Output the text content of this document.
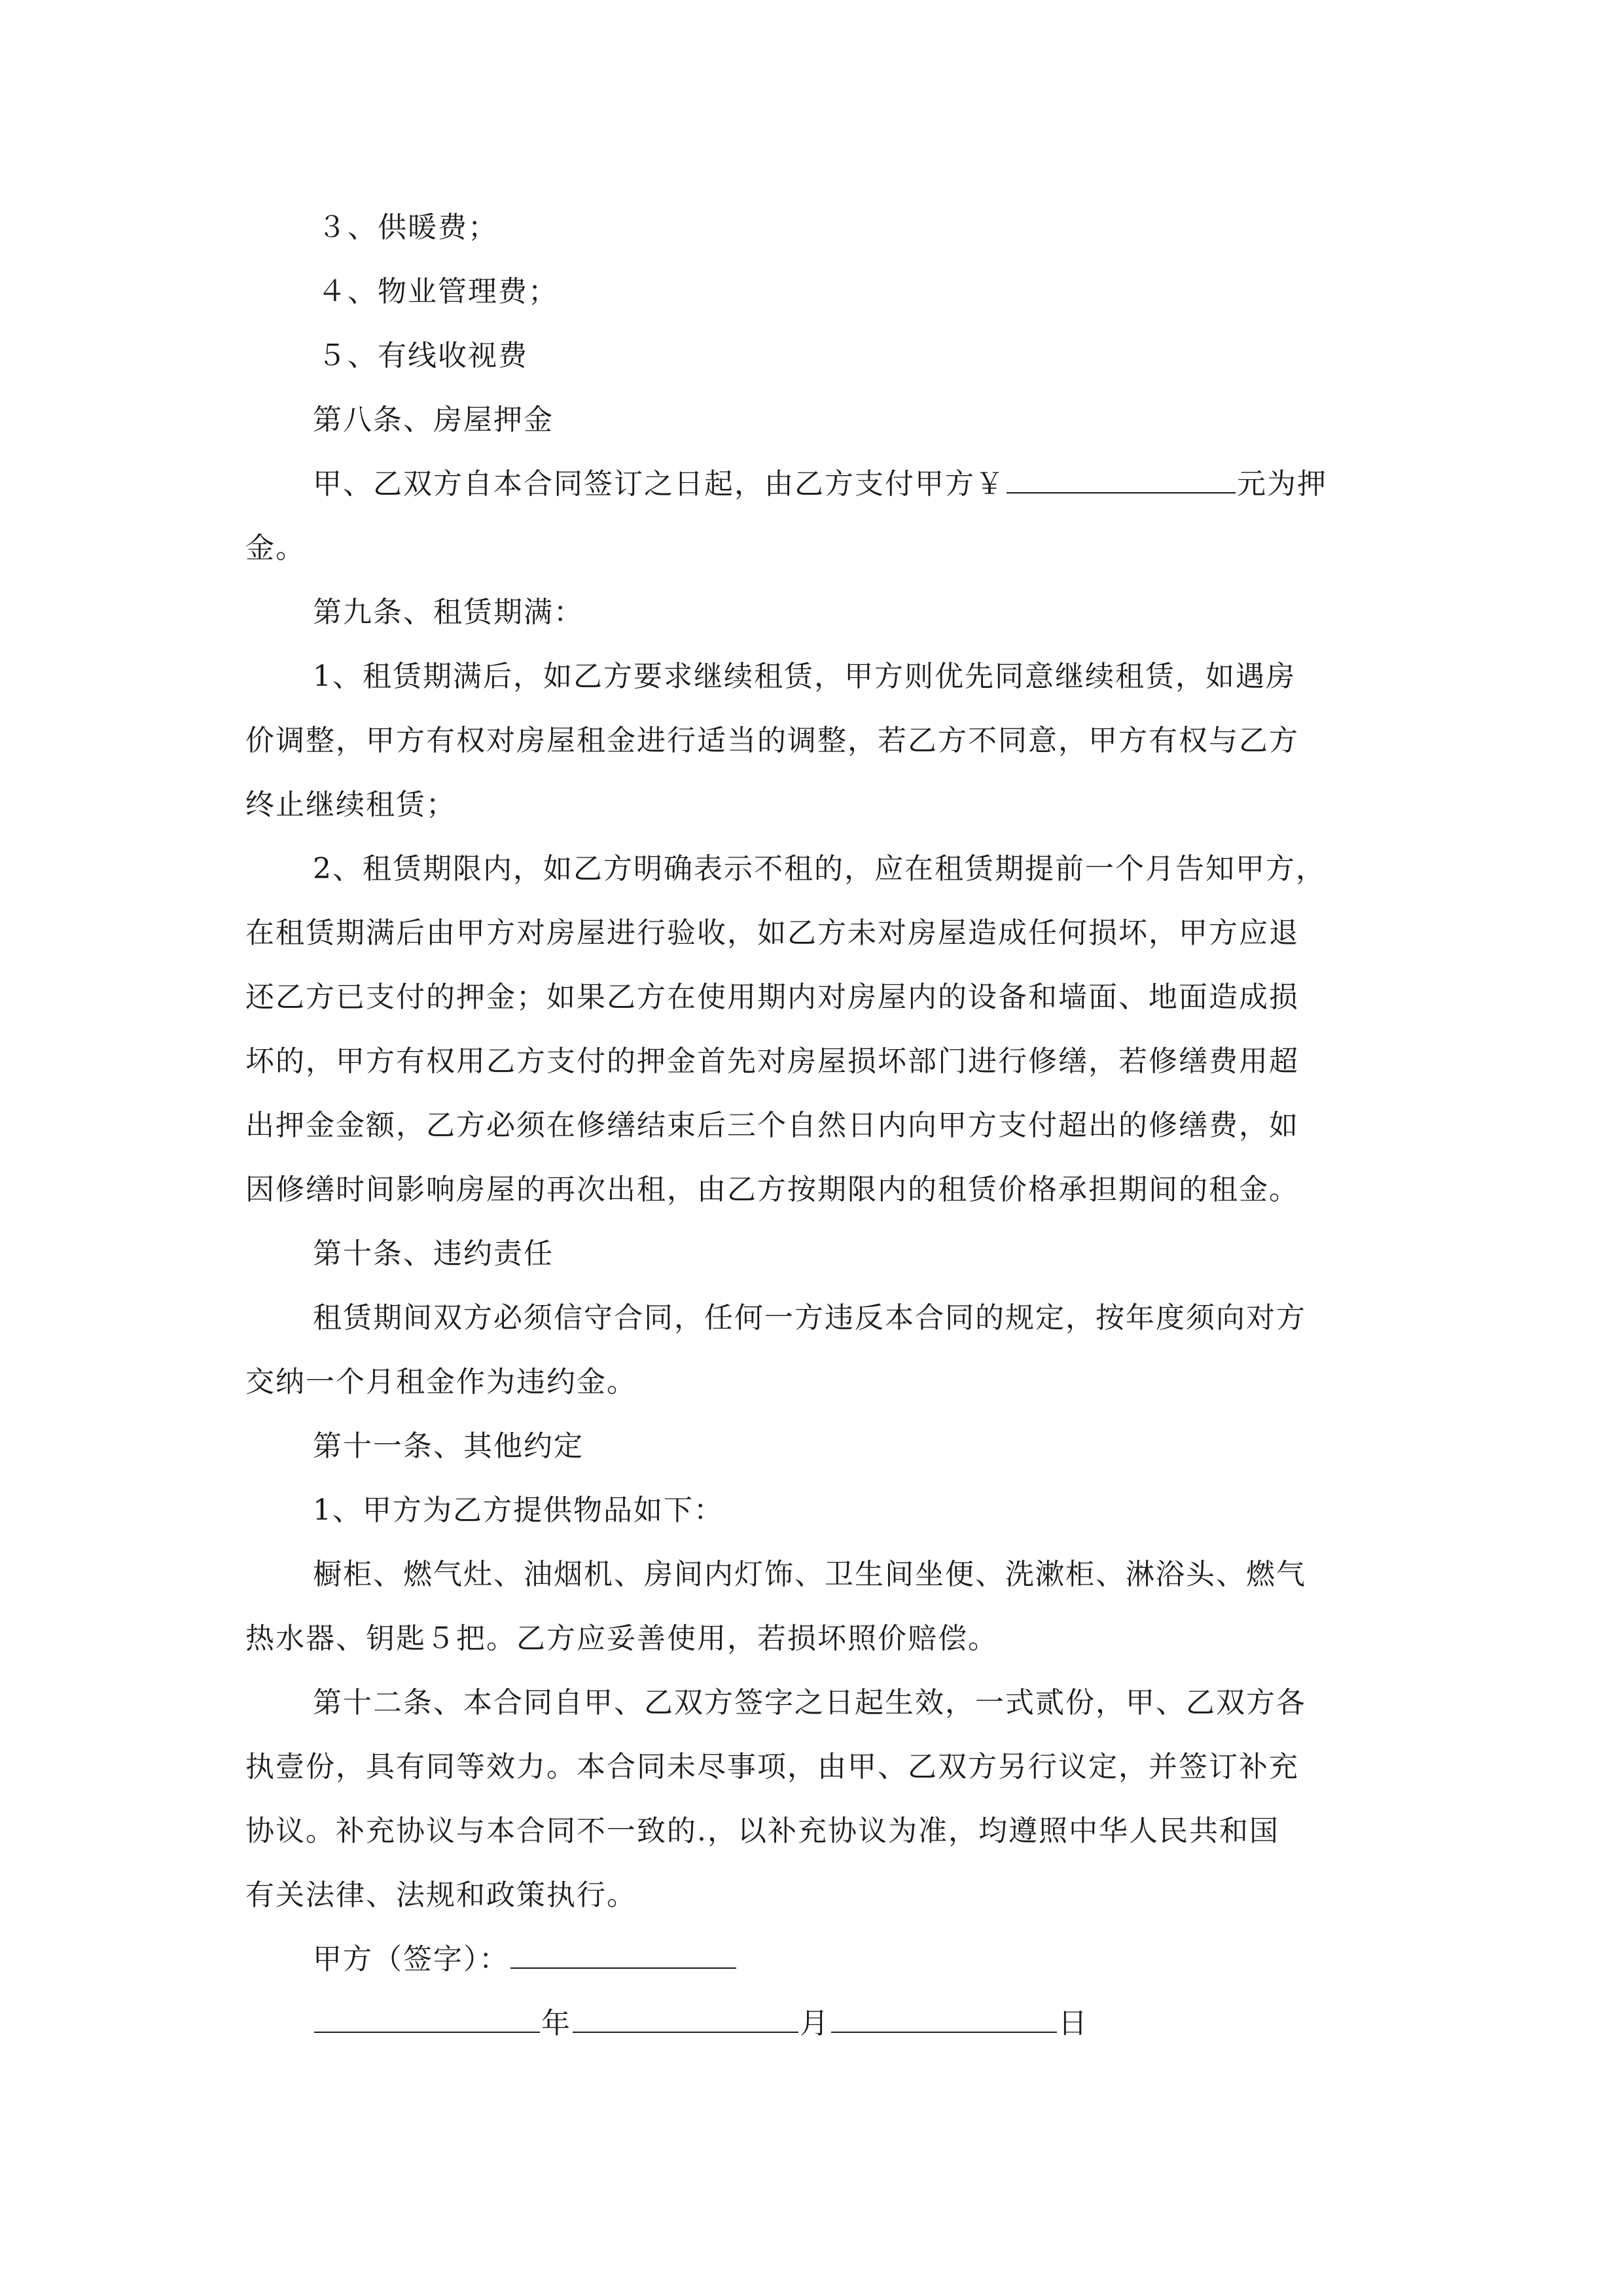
３、供暖费；
４、物业管理费；
５、有线收视费
第八条、房屋押金
甲、乙双方自本合同签订之日起，由乙方支付甲方￥	元为押
金。
第九条、租赁期满：
1、租赁期满后，如乙方要求继续租赁，甲方则优先同意继续租赁，如遇房
价调整，甲方有权对房屋租金进行适当的调整，若乙方不同意，甲方有权与乙方
终止继续租赁；
2、租赁期限内，如乙方明确表示不租的，应在租赁期提前一个月告知甲方，
在租赁期满后由甲方对房屋进行验收，如乙方未对房屋造成任何损坏，甲方应退
还乙方已支付的押金；如果乙方在使用期内对房屋内的设备和墙面、地面造成损
坏的，甲方有权用乙方支付的押金首先对房屋损坏部门进行修缮，若修缮费用超
出押金金额，乙方必须在修缮结束后三个自然日内向甲方支付超出的修缮费，如
因修缮时间影响房屋的再次出租，由乙方按期限内的租赁价格承担期间的租金。
第十条、违约责任
租赁期间双方必须信守合同，任何一方违反本合同的规定，按年度须向对方
交纳一个月租金作为违约金。
第十一条、其他约定
1、甲方为乙方提供物品如下：
橱柜、燃气灶、油烟机、房间内灯饰、卫生间坐便、洗漱柜、淋浴头、燃气
热水器、钥匙５把。乙方应妥善使用，若损坏照价赔偿。
第十二条、本合同自甲、乙双方签字之日起生效，一式贰份，甲、乙双方各
执壹份，具有同等效力。本合同未尽事项，由甲、乙双方另行议定，并签订补充
协议。补充协议与本合同不一致的.，以补充协议为准，均遵照中华人民共和国
有关法律、法规和政策执行。
甲方（签字）：
年	月	日
